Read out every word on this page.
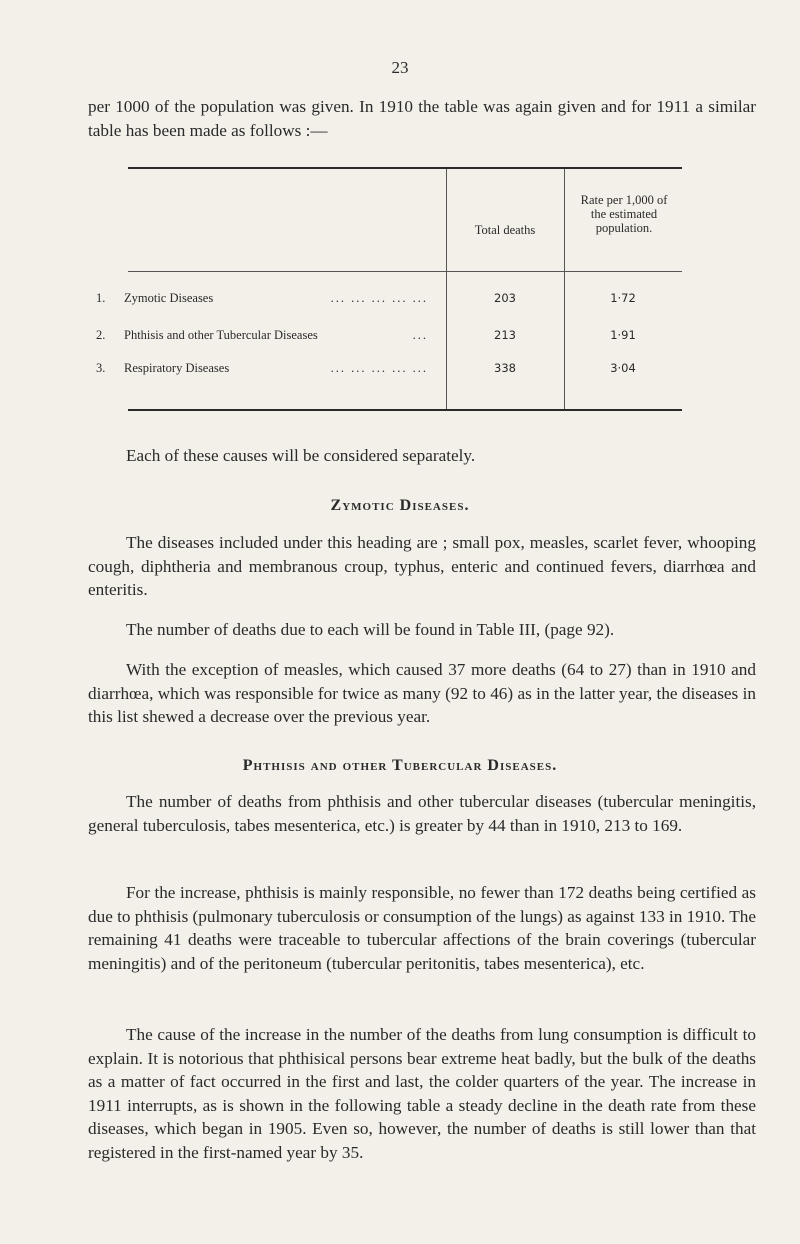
23

per 1000 of the population was given. In 1910 the table was again given and for 1911 a similar table has been made as follows :—

Total deaths
Rate per 1,000 of the estimated population.
1.	Zymotic Diseases	... ... ... ... ...	203	1·72
2.	Phthisis and other Tubercular Diseases	...	213	1·91
3.	Respiratory Diseases	... ... ... ... ...	338	3·04

Each of these causes will be considered separately.

Zymotic Diseases.

The diseases included under this heading are ; small pox, measles, scarlet fever, whooping cough, diphtheria and membranous croup, typhus, enteric and continued fevers, diarrhœa and enteritis.

The number of deaths due to each will be found in Table III, (page 92).

With the exception of measles, which caused 37 more deaths (64 to 27) than in 1910 and diarrhœa, which was responsible for twice as many (92 to 46) as in the latter year, the diseases in this list shewed a decrease over the previous year.

Phthisis and other Tubercular Diseases.

The number of deaths from phthisis and other tubercular diseases (tubercular meningitis, general tuberculosis, tabes mesenterica, etc.) is greater by 44 than in 1910, 213 to 169.

For the increase, phthisis is mainly responsible, no fewer than 172 deaths being certified as due to phthisis (pulmonary tuberculosis or consumption of the lungs) as against 133 in 1910. The remaining 41 deaths were traceable to tubercular affections of the brain coverings (tubercular meningitis) and of the peritoneum (tubercular peritonitis, tabes mesenterica), etc.

The cause of the increase in the number of the deaths from lung consumption is difficult to explain. It is notorious that phthisical persons bear extreme heat badly, but the bulk of the deaths as a matter of fact occurred in the first and last, the colder quarters of the year. The increase in 1911 interrupts, as is shown in the following table a steady decline in the death rate from these diseases, which began in 1905. Even so, however, the number of deaths is still lower than that registered in the first-named year by 35.
